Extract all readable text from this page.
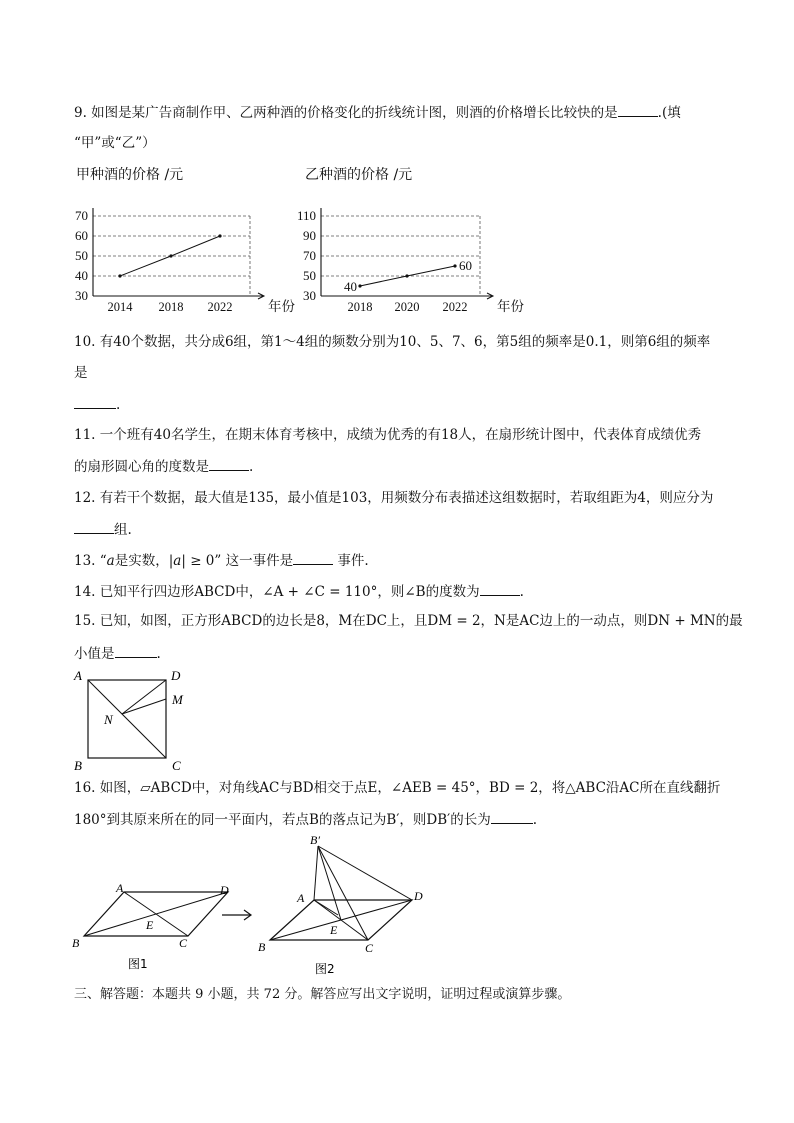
9. 如图是某广告商制作甲、乙两种酒的价格变化的折线统计图，则酒的价格增长比较快的是	.(填
“甲”或“乙”）
甲种酒的价格 /元
70
60
50
40
30
2014 2018 2022	年份
乙种酒的价格 /元
110
90
70
50
30
2018 2020 2022 年份
40
60
10. 有40个数据，共分成6组，第1～4组的频数分别为10、5、7、6，第5组的频率是0.1，则第6组的频率
是
.
11. 一个班有40名学生，在期末体育考核中，成绩为优秀的有18人，在扇形统计图中，代表体育成绩优秀
的扇形圆心角的度数是	.
12. 有若干个数据，最大值是135，最小值是103，用频数分布表描述这组数据时，若取组距为4，则应分为
组.
13. “a是实数，|a| ≥ 0” 这一事件是	事件.
14. 已知平行四边形ABCD中，∠A + ∠C = 110°，则∠B的度数为	.
15. 已知，如图，正方形ABCD的边长是8，M在DC上，且DM = 2，N是AC边上的一动点，则DN + MN的最
小值是	.
A	D
M
N
B	C
16. 如图，▱ABCD中，对角线AC与BD相交于点E，∠AEB = 45°，BD = 2，将△ABC沿AC所在直线翻折
180°到其原来所在的同一平面内，若点B的落点记为B′，则DB′的长为	.
A	D
E
B	C
图1
B′
A	D
E
B	C
图2
三、解答题：本题共 9 小题，共 72 分。解答应写出文字说明，证明过程或演算步骤。
